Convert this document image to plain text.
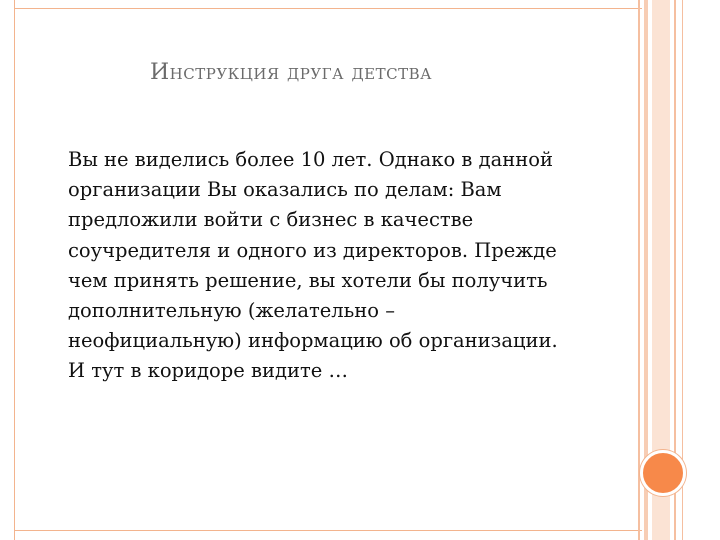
Инструкция друга детства
Вы не виделись более 10 лет. Однако в данной
организации Вы оказались по делам: Вам
предложили войти с бизнес в качестве
соучредителя и одного из директоров. Прежде
чем принять решение, вы хотели бы получить
дополнительную (желательно –
неофициальную) информацию об организации.
И тут в коридоре видите …
